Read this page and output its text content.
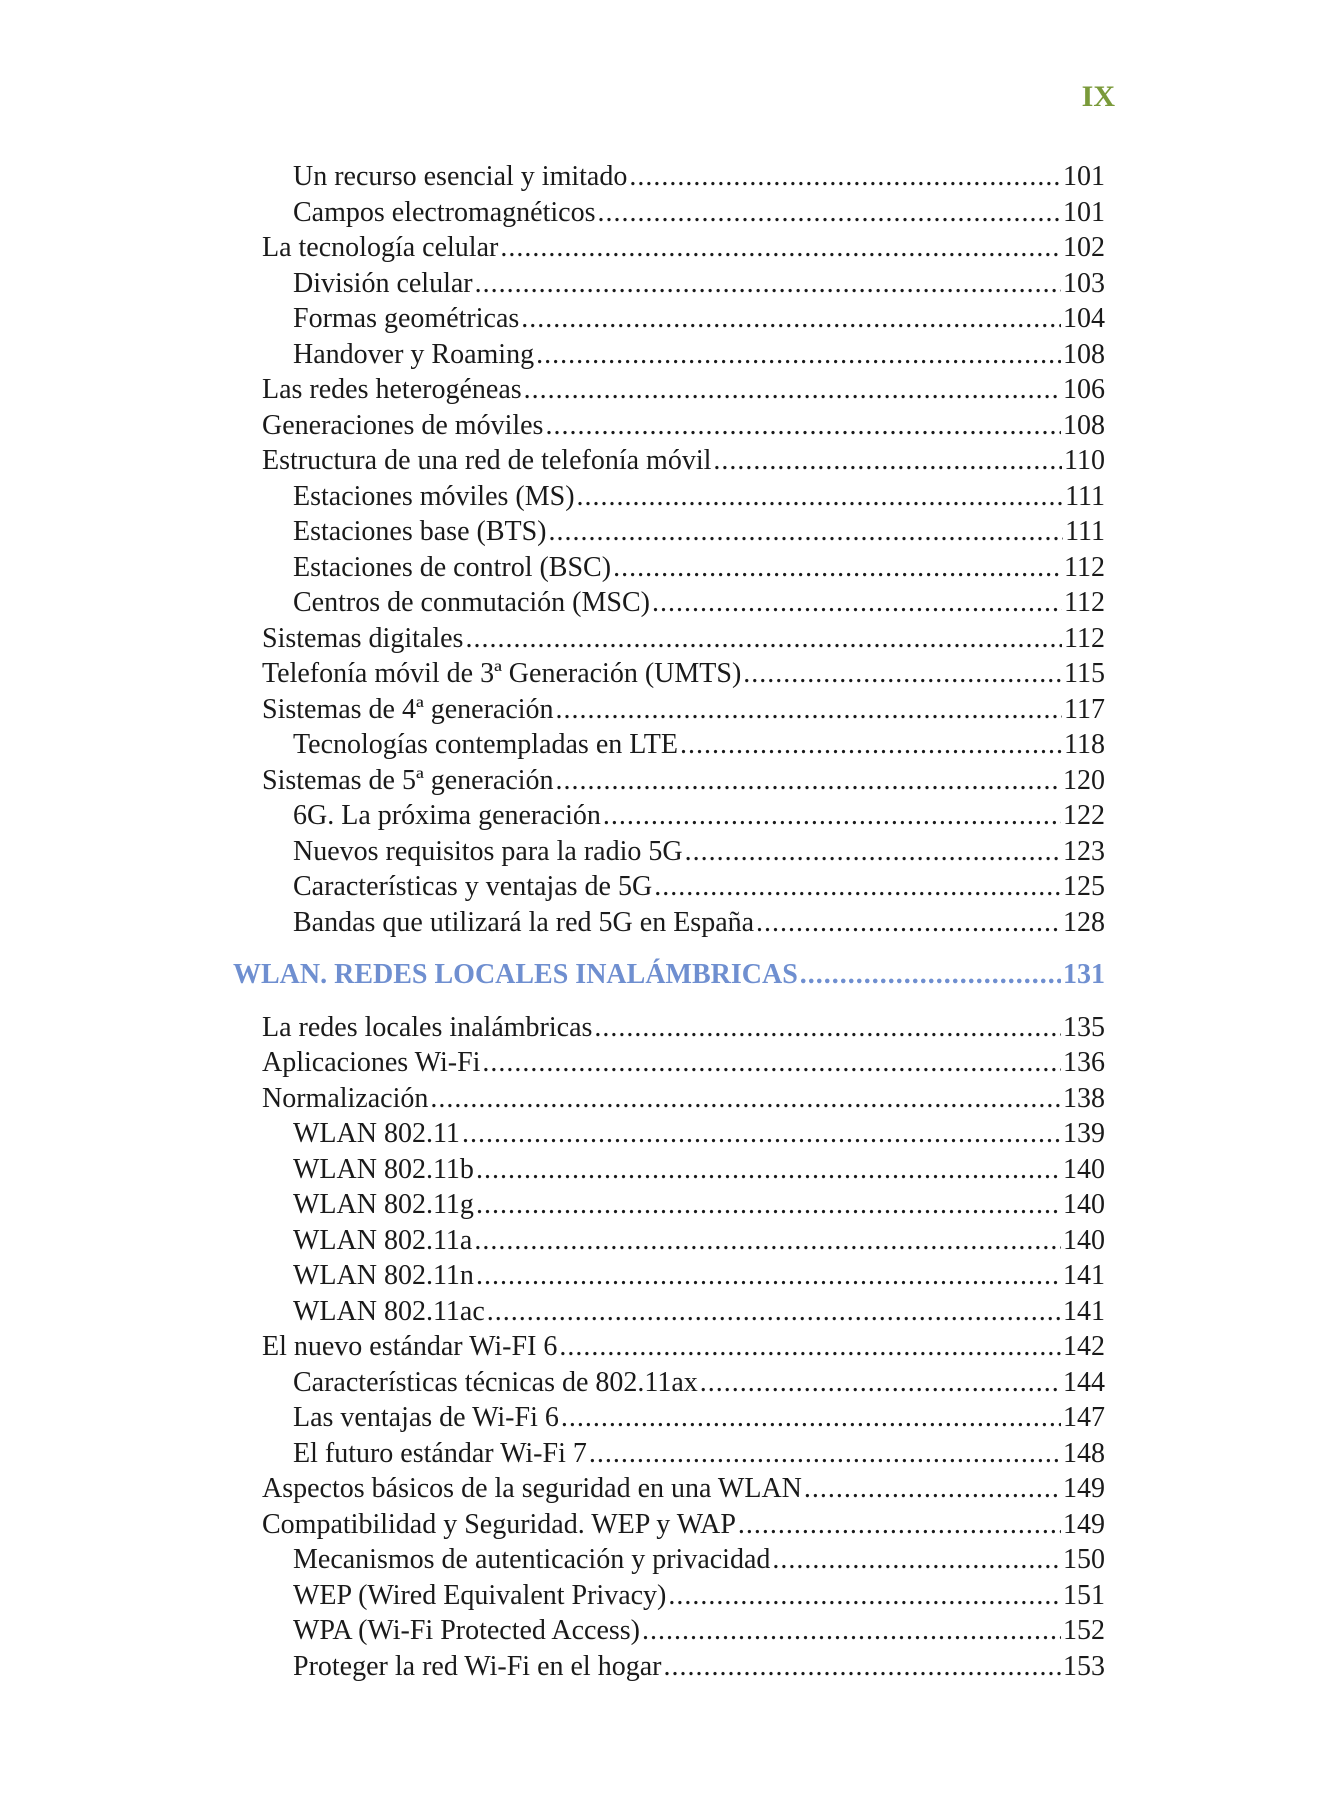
IX
Un recurso esencial y imitado .....	101
Campos electromagnéticos .....	101
La tecnología celular .....	102
División celular .....	103
Formas geométricas .....	104
Handover y Roaming .....	108
Las redes heterogéneas .....	106
Generaciones de móviles .....	108
Estructura de una red de telefonía móvil .....	110
Estaciones móviles (MS) .....	111
Estaciones base (BTS) .....	111
Estaciones de control (BSC) .....	112
Centros de conmutación (MSC) .....	112
Sistemas digitales .....	112
Telefonía móvil de 3ª Generación (UMTS) .....	115
Sistemas de 4ª generación .....	117
Tecnologías contempladas en LTE .....	118
Sistemas de 5ª generación .....	120
6G. La próxima generación .....	122
Nuevos requisitos para la radio 5G .....	123
Características y ventajas de 5G .....	125
Bandas que utilizará la red 5G en España .....	128
WLAN. REDES LOCALES INALÁMBRICAS .....	131
La redes locales inalámbricas .....	135
Aplicaciones Wi-Fi .....	136
Normalización .....	138
WLAN 802.11 .....	139
WLAN 802.11b .....	140
WLAN 802.11g .....	140
WLAN 802.11a .....	140
WLAN 802.11n .....	141
WLAN 802.11ac .....	141
El nuevo estándar Wi-FI 6 .....	142
Características técnicas de 802.11ax .....	144
Las ventajas de Wi-Fi 6 .....	147
El futuro estándar Wi-Fi 7 .....	148
Aspectos básicos de la seguridad en una WLAN .....	149
Compatibilidad y Seguridad. WEP y WAP .....	149
Mecanismos de autenticación y privacidad .....	150
WEP (Wired Equivalent Privacy) .....	151
WPA (Wi-Fi Protected Access) .....	152
Proteger la red Wi-Fi en el hogar .....	153
